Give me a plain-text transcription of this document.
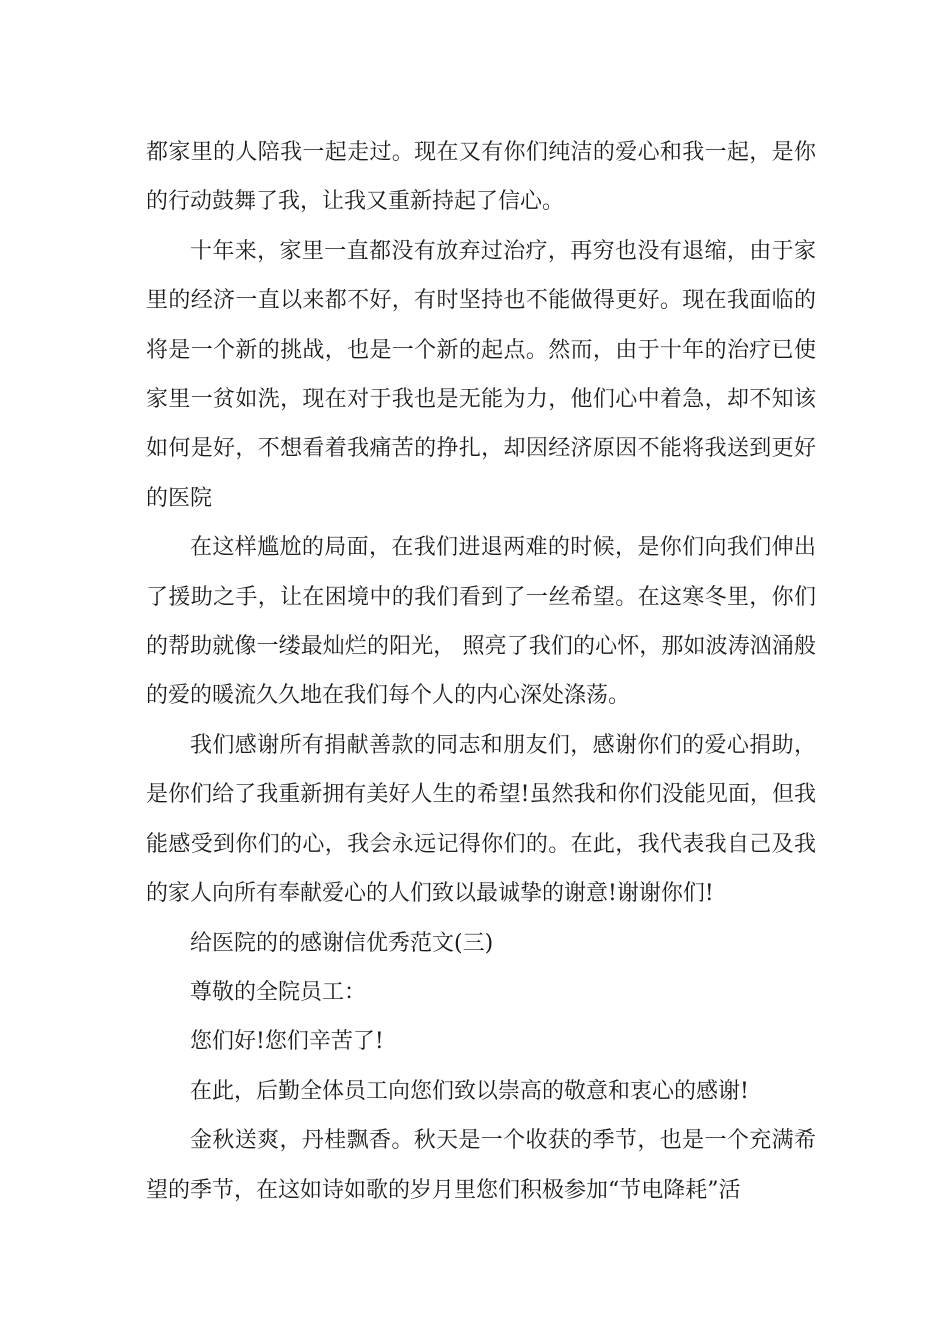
都家里的人陪我一起走过。现在又有你们纯洁的爱心和我一起，是你的行动鼓舞了我，让我又重新持起了信心。

十年来，家里一直都没有放弃过治疗，再穷也没有退缩，由于家里的经济一直以来都不好，有时坚持也不能做得更好。现在我面临的将是一个新的挑战，也是一个新的起点。然而，由于十年的治疗已使家里一贫如洗，现在对于我也是无能为力，他们心中着急，却不知该如何是好，不想看着我痛苦的挣扎，却因经济原因不能将我送到更好的医院

在这样尴尬的局面，在我们进退两难的时候，是你们向我们伸出了援助之手，让在困境中的我们看到了一丝希望。在这寒冬里，你们的帮助就像一缕最灿烂的阳光， 照亮了我们的心怀，那如波涛汹涌般的爱的暖流久久地在我们每个人的内心深处涤荡。

我们感谢所有捐献善款的同志和朋友们，感谢你们的爱心捐助，是你们给了我重新拥有美好人生的希望!虽然我和你们没能见面，但我能感受到你们的心，我会永远记得你们的。在此，我代表我自己及我的家人向所有奉献爱心的人们致以最诚挚的谢意!谢谢你们!

给医院的的感谢信优秀范文(三)

尊敬的全院员工：

您们好!您们辛苦了!

在此，后勤全体员工向您们致以崇高的敬意和衷心的感谢!

金秋送爽，丹桂飘香。秋天是一个收获的季节，也是一个充满希望的季节，在这如诗如歌的岁月里您们积极参加“节电降耗”活
